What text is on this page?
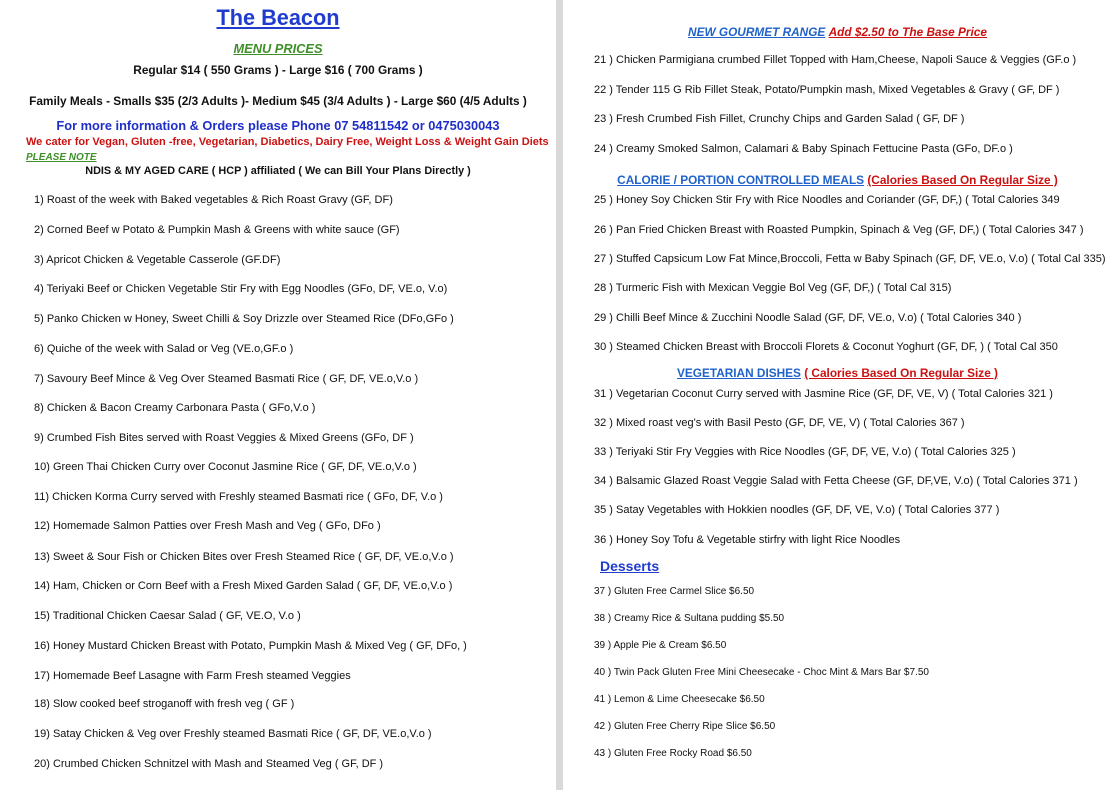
The Beacon
MENU PRICES
Regular $14 ( 550 Grams ) - Large $16 ( 700 Grams )
Family Meals - Smalls $35 (2/3 Adults )- Medium $45 (3/4 Adults ) - Large $60 (4/5 Adults )
For more information & Orders please Phone 07 54811542 or 0475030043
We cater for Vegan, Gluten -free, Vegetarian, Diabetics, Dairy Free, Weight Loss & Weight Gain Diets
PLEASE NOTE
NDIS & MY AGED CARE ( HCP ) affiliated ( We can Bill Your Plans Directly )
1) Roast of the week with Baked vegetables & Rich Roast Gravy (GF, DF)
2) Corned Beef w Potato & Pumpkin Mash & Greens with white sauce (GF)
3) Apricot Chicken & Vegetable Casserole (GF.DF)
4) Teriyaki Beef or Chicken Vegetable Stir Fry with Egg Noodles (GFo, DF, VE.o, V.o)
5) Panko Chicken w Honey, Sweet Chilli & Soy Drizzle over Steamed Rice (DFo,GFo )
6) Quiche of the week with Salad or Veg (VE.o,GF.o )
7) Savoury Beef Mince & Veg Over Steamed Basmati Rice ( GF, DF, VE.o,V.o )
8) Chicken & Bacon Creamy Carbonara Pasta ( GFo,V.o )
9) Crumbed Fish Bites served with Roast Veggies & Mixed Greens (GFo, DF )
10) Green Thai Chicken Curry over Coconut Jasmine Rice ( GF, DF, VE.o,V.o )
11) Chicken Korma Curry served with Freshly steamed Basmati rice ( GFo, DF, V.o )
12) Homemade Salmon Patties over Fresh Mash and Veg ( GFo, DFo )
13) Sweet & Sour Fish or Chicken Bites over Fresh Steamed Rice ( GF, DF, VE.o,V.o )
14) Ham, Chicken or Corn Beef with a Fresh Mixed Garden Salad ( GF, DF, VE.o,V.o )
15) Traditional Chicken Caesar Salad ( GF, VE.O, V.o )
16) Honey Mustard Chicken Breast with Potato, Pumpkin Mash & Mixed Veg ( GF, DFo, )
17) Homemade Beef Lasagne with Farm Fresh steamed Veggies
18) Slow cooked beef stroganoff with fresh veg ( GF )
19) Satay Chicken & Veg over Freshly steamed Basmati Rice ( GF, DF, VE.o,V.o )
20) Crumbed Chicken Schnitzel with Mash and Steamed Veg ( GF, DF )
NEW GOURMET RANGE Add $2.50 to The Base Price
21 ) Chicken Parmigiana crumbed Fillet Topped with Ham,Cheese, Napoli Sauce & Veggies (GF.o )
22 ) Tender 115 G Rib Fillet Steak, Potato/Pumpkin mash, Mixed Vegetables & Gravy ( GF, DF )
23 ) Fresh Crumbed Fish Fillet, Crunchy Chips and Garden Salad ( GF, DF )
24 ) Creamy Smoked Salmon, Calamari & Baby Spinach Fettucine Pasta (GFo, DF.o )
CALORIE / PORTION CONTROLLED MEALS (Calories Based On Regular Size )
25 ) Honey Soy Chicken Stir Fry with Rice Noodles and Coriander (GF, DF,) ( Total Calories 349
26 ) Pan Fried Chicken Breast with Roasted Pumpkin, Spinach & Veg (GF, DF,) ( Total Calories 347 )
27 ) Stuffed Capsicum Low Fat Mince,Broccoli, Fetta w Baby Spinach (GF, DF, VE.o, V.o) ( Total Cal 335)
28 ) Turmeric Fish with Mexican Veggie Bol Veg (GF, DF,) ( Total Cal 315)
29 ) Chilli Beef Mince & Zucchini Noodle Salad (GF, DF, VE.o, V.o) ( Total Calories 340 )
30 ) Steamed Chicken Breast with Broccoli Florets & Coconut Yoghurt (GF, DF, ) ( Total Cal 350
VEGETARIAN DISHES ( Calories Based On Regular Size )
31 ) Vegetarian Coconut Curry served with Jasmine Rice (GF, DF, VE, V) ( Total Calories 321 )
32 ) Mixed roast veg's with Basil Pesto (GF, DF, VE, V) ( Total Calories 367 )
33 ) Teriyaki Stir Fry Veggies with Rice Noodles (GF, DF, VE, V.o) ( Total Calories 325 )
34 ) Balsamic Glazed Roast Veggie Salad with Fetta Cheese (GF, DF,VE, V.o) ( Total Calories 371 )
35 ) Satay Vegetables with Hokkien noodles (GF, DF, VE, V.o) ( Total Calories 377 )
36 ) Honey Soy Tofu & Vegetable stirfry with light Rice Noodles
Desserts
37 ) Gluten Free Carmel Slice $6.50
38 ) Creamy Rice & Sultana pudding $5.50
39 ) Apple Pie & Cream $6.50
40 ) Twin Pack Gluten Free Mini Cheesecake - Choc Mint & Mars Bar $7.50
41 ) Lemon & Lime Cheesecake $6.50
42 ) Gluten Free Cherry Ripe Slice $6.50
43 ) Gluten Free Rocky Road $6.50
